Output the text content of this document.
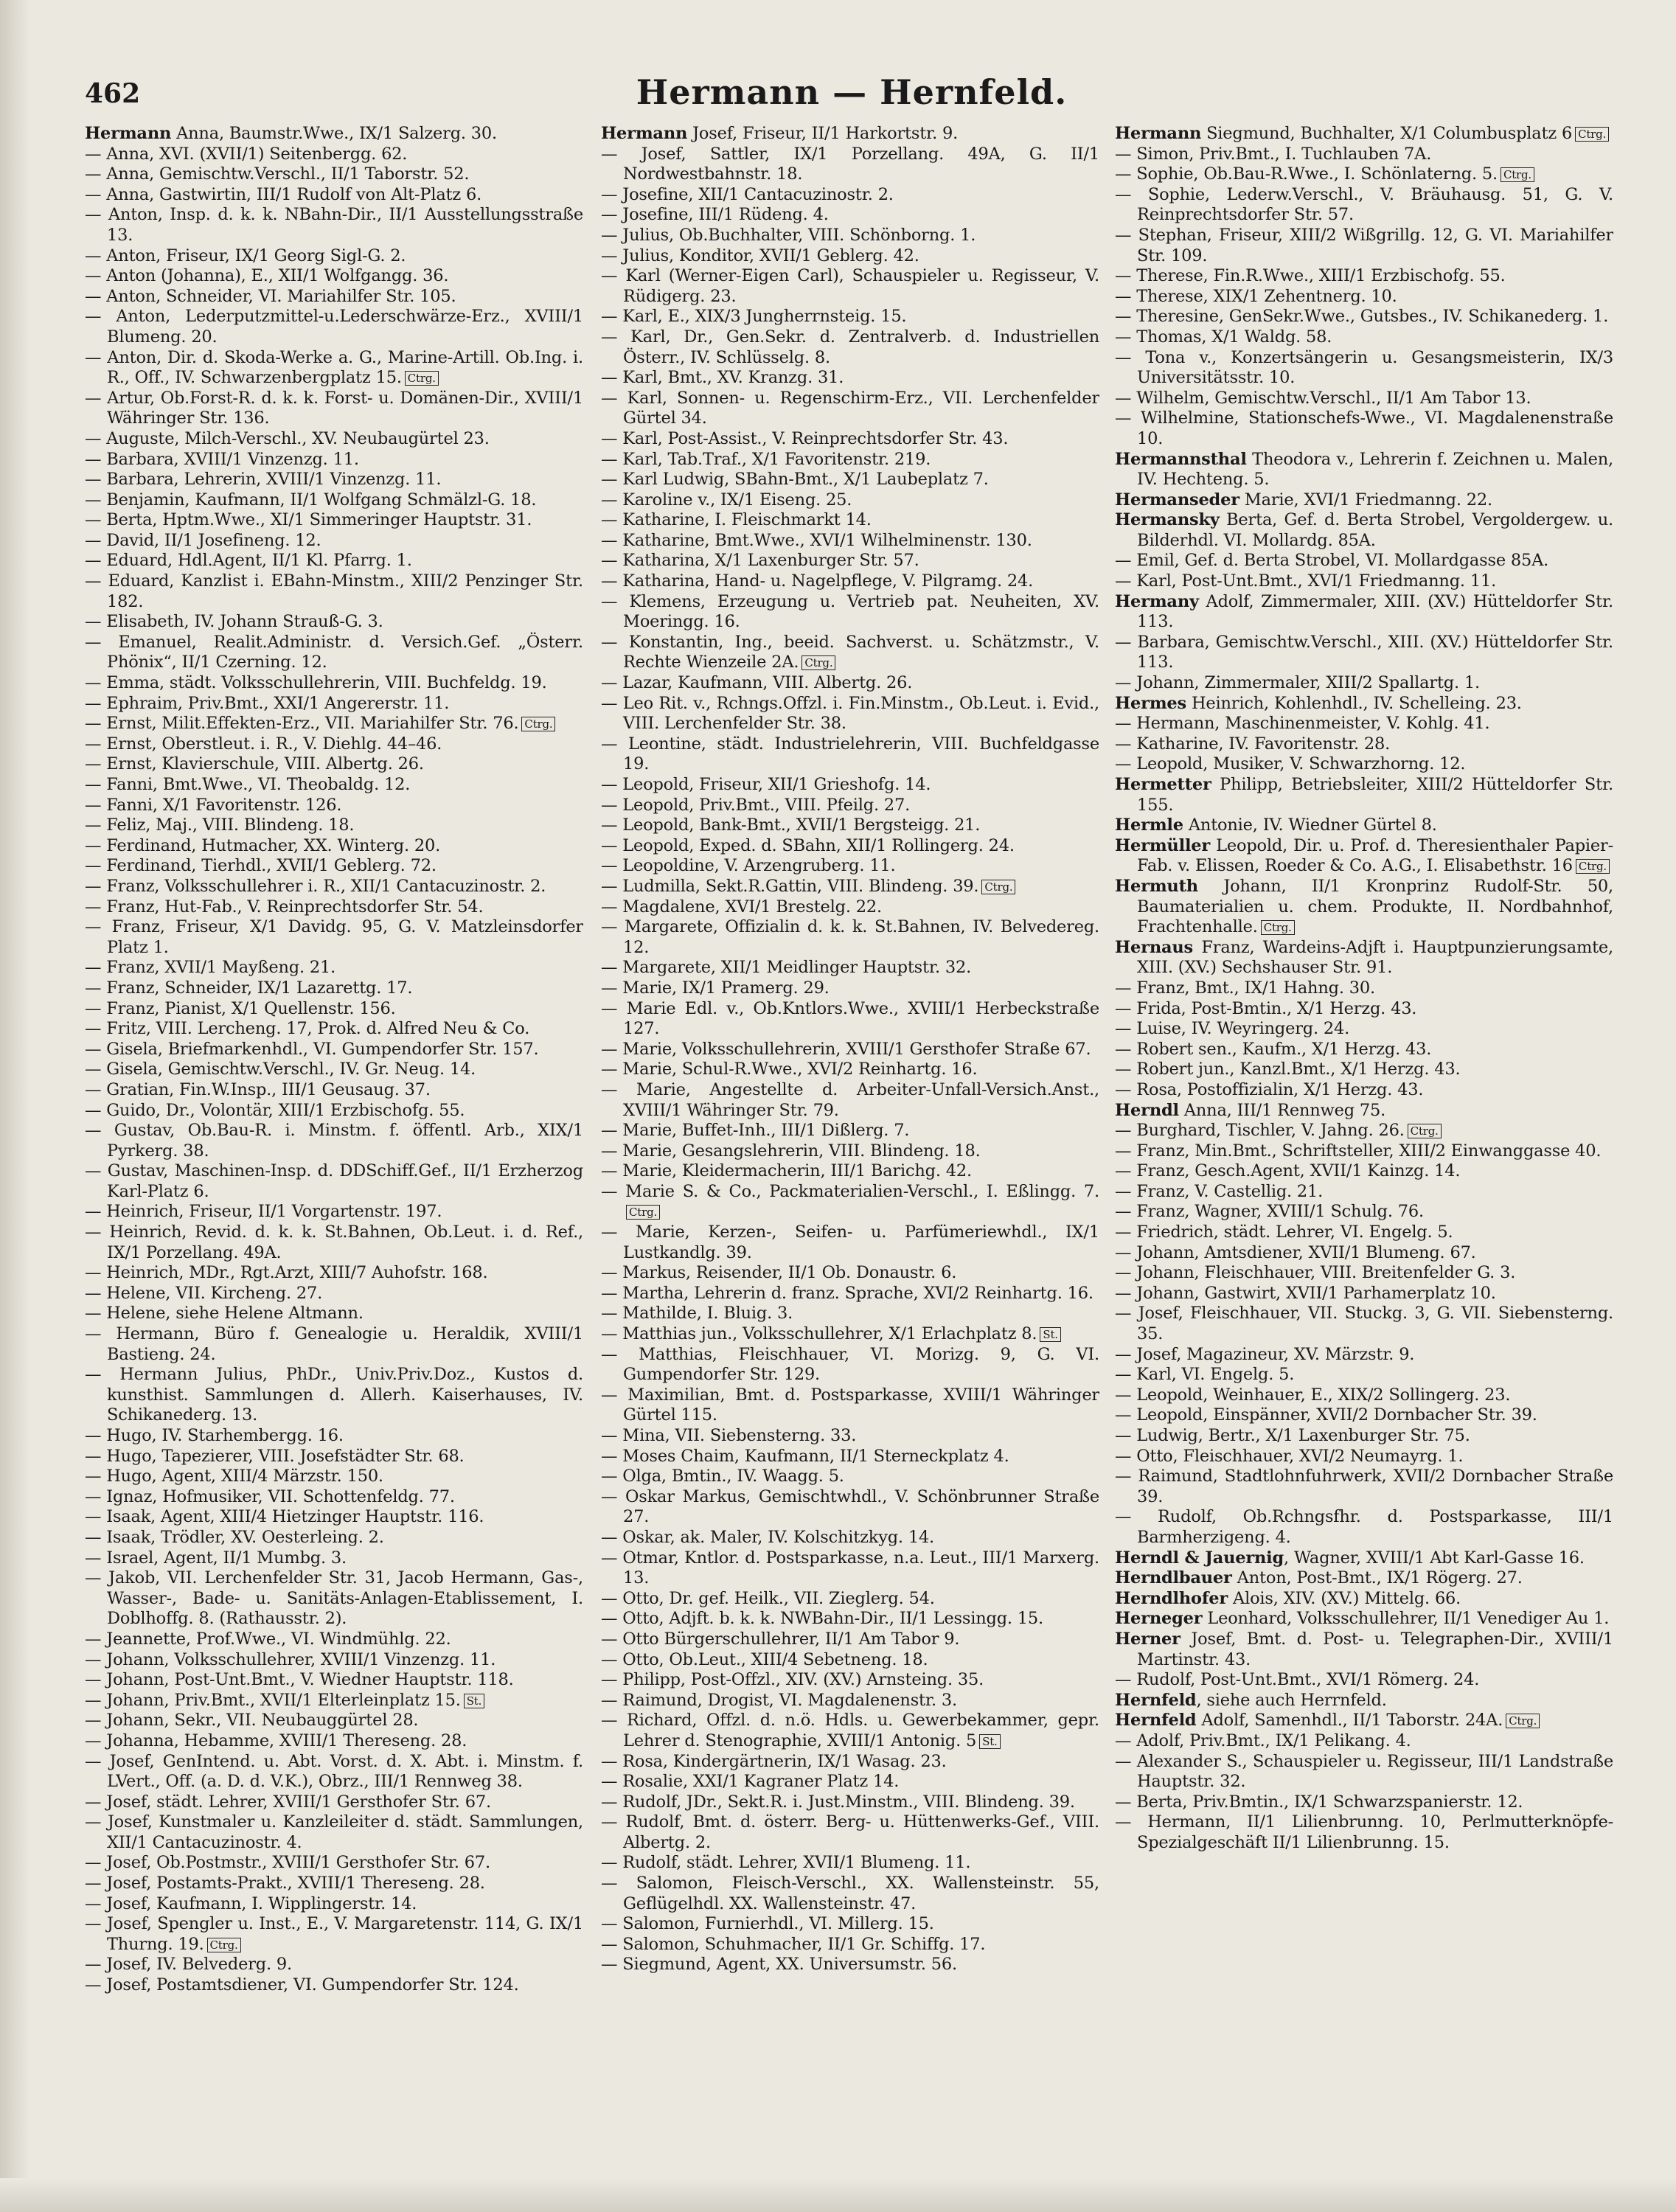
462	Hermann — Hernfeld.
Hermann Anna, Baumstr.Wwe., IX/1 Salzerg. 30.
— Anna, XVI. (XVII/1) Seitenbergg. 62.
— Anna, Gemischtw.Verschl., II/1 Taborstr. 52.
— Anna, Gastwirtin, III/1 Rudolf von Alt-Platz 6.
— Anton, Insp. d. k. k. NBahn-Dir., II/1 Ausstellungsstraße 13.
— Anton, Friseur, IX/1 Georg Sigl-G. 2.
— Anton (Johanna), E., XII/1 Wolfgangg. 36.
— Anton, Schneider, VI. Mariahilfer Str. 105.
— Anton, Lederputzmittel-u.Lederschwärze-Erz., XVIII/1 Blumeng. 20.
— Anton, Dir. d. Skoda-Werke a. G., Marine-Artill. Ob.Ing. i. R., Off., IV. Schwarzenbergplatz 15. Ctrg.
— Artur, Ob.Forst-R. d. k. k. Forst- u. Domänen-Dir., XVIII/1 Währinger Str. 136.
— Auguste, Milch-Verschl., XV. Neubaugürtel 23.
— Barbara, XVIII/1 Vinzenzg. 11.
— Barbara, Lehrerin, XVIII/1 Vinzenzg. 11.
— Benjamin, Kaufmann, II/1 Wolfgang Schmälzl-G. 18.
— Berta, Hptm.Wwe., XI/1 Simmeringer Hauptstr. 31.
— David, II/1 Josefineng. 12.
— Eduard, Hdl.Agent, II/1 Kl. Pfarrg. 1.
— Eduard, Kanzlist i. EBahn-Minstm., XIII/2 Penzinger Str. 182.
— Elisabeth, IV. Johann Strauß-G. 3.
— Emanuel, Realit.Administr. d. Versich.Gef. „Österr. Phönix“, II/1 Czerning. 12.
— Emma, städt. Volksschullehrerin, VIII. Buchfeldg. 19.
— Ephraim, Priv.Bmt., XXI/1 Angererstr. 11.
— Ernst, Milit.Effekten-Erz., VII. Mariahilfer Str. 76. Ctrg.
— Ernst, Oberstleut. i. R., V. Diehlg. 44–46.
— Ernst, Klavierschule, VIII. Albertg. 26.
— Fanni, Bmt.Wwe., VI. Theobaldg. 12.
— Fanni, X/1 Favoritenstr. 126.
— Feliz, Maj., VIII. Blindeng. 18.
— Ferdinand, Hutmacher, XX. Winterg. 20.
— Ferdinand, Tierhdl., XVII/1 Geblerg. 72.
— Franz, Volksschullehrer i. R., XII/1 Cantacuzinostr. 2.
— Franz, Hut-Fab., V. Reinprechtsdorfer Str. 54.
— Franz, Friseur, X/1 Davidg. 95, G. V. Matzleinsdorfer Platz 1.
— Franz, XVII/1 Mayßeng. 21.
— Franz, Schneider, IX/1 Lazarettg. 17.
— Franz, Pianist, X/1 Quellenstr. 156.
— Fritz, VIII. Lercheng. 17, Prok. d. Alfred Neu & Co.
— Gisela, Briefmarkenhdl., VI. Gumpendorfer Str. 157.
— Gisela, Gemischtw.Verschl., IV. Gr. Neug. 14.
— Gratian, Fin.W.Insp., III/1 Geusaug. 37.
— Guido, Dr., Volontär, XIII/1 Erzbischofg. 55.
— Gustav, Ob.Bau-R. i. Minstm. f. öffentl. Arb., XIX/1 Pyrkerg. 38.
— Gustav, Maschinen-Insp. d. DDSchiff.Gef., II/1 Erzherzog Karl-Platz 6.
— Heinrich, Friseur, II/1 Vorgartenstr. 197.
— Heinrich, Revid. d. k. k. St.Bahnen, Ob.Leut. i. d. Ref., IX/1 Porzellang. 49A.
— Heinrich, MDr., Rgt.Arzt, XIII/7 Auhofstr. 168.
— Helene, VII. Kircheng. 27.
— Helene, siehe Helene Altmann.
— Hermann, Büro f. Genealogie u. Heraldik, XVIII/1 Bastieng. 24.
— Hermann Julius, PhDr., Univ.Priv.Doz., Kustos d. kunsthist. Sammlungen d. Allerh. Kaiserhauses, IV. Schikanederg. 13.
— Hugo, IV. Starhembergg. 16.
— Hugo, Tapezierer, VIII. Josefstädter Str. 68.
— Hugo, Agent, XIII/4 Märzstr. 150.
— Ignaz, Hofmusiker, VII. Schottenfeldg. 77.
— Isaak, Agent, XIII/4 Hietzinger Hauptstr. 116.
— Isaak, Trödler, XV. Oesterleing. 2.
— Israel, Agent, II/1 Mumbg. 3.
— Jakob, VII. Lerchenfelder Str. 31, Jacob Hermann, Gas-, Wasser-, Bade- u. Sanitäts-Anlagen-Etablissement, I. Doblhoffg. 8. (Rathausstr. 2).
— Jeannette, Prof.Wwe., VI. Windmühlg. 22.
— Johann, Volksschullehrer, XVIII/1 Vinzenzg. 11.
— Johann, Post-Unt.Bmt., V. Wiedner Hauptstr. 118.
— Johann, Priv.Bmt., XVII/1 Elterleinplatz 15. St.
— Johann, Sekr., VII. Neubauggürtel 28.
— Johanna, Hebamme, XVIII/1 Thereseng. 28.
— Josef, GenIntend. u. Abt. Vorst. d. X. Abt. i. Minstm. f. LVert., Off. (a. D. d. V.K.), Obrz., III/1 Rennweg 38.
— Josef, städt. Lehrer, XVIII/1 Gersthofer Str. 67.
— Josef, Kunstmaler u. Kanzleileiter d. städt. Sammlungen, XII/1 Cantacuzinostr. 4.
— Josef, Ob.Postmstr., XVIII/1 Gersthofer Str. 67.
— Josef, Postamts-Prakt., XVIII/1 Thereseng. 28.
— Josef, Kaufmann, I. Wipplingerstr. 14.
— Josef, Spengler u. Inst., E., V. Margaretenstr. 114, G. IX/1 Thurng. 19. Ctrg.
— Josef, IV. Belvederg. 9.
— Josef, Postamtsdiener, VI. Gumpendorfer Str. 124.
Hermann Josef, Friseur, II/1 Harkortstr. 9.
— Josef, Sattler, IX/1 Porzellang. 49A, G. II/1 Nordwestbahnstr. 18.
— Josefine, XII/1 Cantacuzinostr. 2.
— Josefine, III/1 Rüdeng. 4.
— Julius, Ob.Buchhalter, VIII. Schönborng. 1.
— Julius, Konditor, XVII/1 Geblerg. 42.
— Karl (Werner-Eigen Carl), Schauspieler u. Regisseur, V. Rüdigerg. 23.
— Karl, E., XIX/3 Jungherrnsteig. 15.
— Karl, Dr., Gen.Sekr. d. Zentralverb. d. Industriellen Österr., IV. Schlüsselg. 8.
— Karl, Bmt., XV. Kranzg. 31.
— Karl, Sonnen- u. Regenschirm-Erz., VII. Lerchenfelder Gürtel 34.
— Karl, Post-Assist., V. Reinprechtsdorfer Str. 43.
— Karl, Tab.Traf., X/1 Favoritenstr. 219.
— Karl Ludwig, SBahn-Bmt., X/1 Laubeplatz 7.
— Karoline v., IX/1 Eiseng. 25.
— Katharine, I. Fleischmarkt 14.
— Katharine, Bmt.Wwe., XVI/1 Wilhelminenstr. 130.
— Katharina, X/1 Laxenburger Str. 57.
— Katharina, Hand- u. Nagelpflege, V. Pilgramg. 24.
— Klemens, Erzeugung u. Vertrieb pat. Neuheiten, XV. Moeringg. 16.
— Konstantin, Ing., beeid. Sachverst. u. Schätzmstr., V. Rechte Wienzeile 2A. Ctrg.
— Lazar, Kaufmann, VIII. Albertg. 26.
— Leo Rit. v., Rchngs.Offzl. i. Fin.Minstm., Ob.Leut. i. Evid., VIII. Lerchenfelder Str. 38.
— Leontine, städt. Industrielehrerin, VIII. Buchfeldgasse 19.
— Leopold, Friseur, XII/1 Grieshofg. 14.
— Leopold, Priv.Bmt., VIII. Pfeilg. 27.
— Leopold, Bank-Bmt., XVII/1 Bergsteigg. 21.
— Leopold, Exped. d. SBahn, XII/1 Rollingerg. 24.
— Leopoldine, V. Arzengruberg. 11.
— Ludmilla, Sekt.R.Gattin, VIII. Blindeng. 39. Ctrg.
— Magdalene, XVI/1 Brestelg. 22.
— Margarete, Offizialin d. k. k. St.Bahnen, IV. Belvedereg. 12.
— Margarete, XII/1 Meidlinger Hauptstr. 32.
— Marie, IX/1 Pramerg. 29.
— Marie Edl. v., Ob.Kntlors.Wwe., XVIII/1 Herbeckstraße 127.
— Marie, Volksschullehrerin, XVIII/1 Gersthofer Straße 67.
— Marie, Schul-R.Wwe., XVI/2 Reinhartg. 16.
— Marie, Angestellte d. Arbeiter-Unfall-Versich.Anst., XVIII/1 Währinger Str. 79.
— Marie, Buffet-Inh., III/1 Dißlerg. 7.
— Marie, Gesangslehrerin, VIII. Blindeng. 18.
— Marie, Kleidermacherin, III/1 Barichg. 42.
— Marie S. & Co., Packmaterialien-Verschl., I. Eßlingg. 7.Ctrg.
— Marie, Kerzen-, Seifen- u. Parfümeriewhdl., IX/1 Lustkandlg. 39.
— Markus, Reisender, II/1 Ob. Donaustr. 6.
— Martha, Lehrerin d. franz. Sprache, XVI/2 Reinhartg. 16.
— Mathilde, I. Bluig. 3.
— Matthias jun., Volksschullehrer, X/1 Erlachplatz 8. St.
— Matthias, Fleischhauer, VI. Morizg. 9, G. VI. Gumpendorfer Str. 129.
— Maximilian, Bmt. d. Postsparkasse, XVIII/1 Währinger Gürtel 115.
— Mina, VII. Siebensterng. 33.
— Moses Chaim, Kaufmann, II/1 Sterneckplatz 4.
— Olga, Bmtin., IV. Waagg. 5.
— Oskar Markus, Gemischtwhdl., V. Schönbrunner Straße 27.
— Oskar, ak. Maler, IV. Kolschitzkyg. 14.
— Otmar, Kntlor. d. Postsparkasse, n.a. Leut., III/1 Marxerg. 13.
— Otto, Dr. gef. Heilk., VII. Zieglerg. 54.
— Otto, Adjft. b. k. k. NWBahn-Dir., II/1 Lessingg. 15.
— Otto Bürgerschullehrer, II/1 Am Tabor 9.
— Otto, Ob.Leut., XIII/4 Sebetneng. 18.
— Philipp, Post-Offzl., XIV. (XV.) Arnsteing. 35.
— Raimund, Drogist, VI. Magdalenenstr. 3.
— Richard, Offzl. d. n.ö. Hdls. u. Gewerbekammer, gepr. Lehrer d. Stenographie, XVIII/1 Antonig. 5 St.
— Rosa, Kindergärtnerin, IX/1 Wasag. 23.
— Rosalie, XXI/1 Kagraner Platz 14.
— Rudolf, JDr., Sekt.R. i. Just.Minstm., VIII. Blindeng. 39.
— Rudolf, Bmt. d. österr. Berg- u. Hüttenwerks-Gef., VIII. Albertg. 2.
— Rudolf, städt. Lehrer, XVII/1 Blumeng. 11.
— Salomon, Fleisch-Verschl., XX. Wallensteinstr. 55, Geflügelhdl. XX. Wallensteinstr. 47.
— Salomon, Furnierhdl., VI. Millerg. 15.
— Salomon, Schuhmacher, II/1 Gr. Schiffg. 17.
— Siegmund, Agent, XX. Universumstr. 56.
Hermann Siegmund, Buchhalter, X/1 Columbusplatz 6 Ctrg.
— Simon, Priv.Bmt., I. Tuchlauben 7A.
— Sophie, Ob.Bau-R.Wwe., I. Schönlaterng. 5. Ctrg.
— Sophie, Lederw.Verschl., V. Bräuhausg. 51, G. V. Reinprechtsdorfer Str. 57.
— Stephan, Friseur, XIII/2 Wißgrillg. 12, G. VI. Mariahilfer Str. 109.
— Therese, Fin.R.Wwe., XIII/1 Erzbischofg. 55.
— Therese, XIX/1 Zehentnerg. 10.
— Theresine, GenSekr.Wwe., Gutsbes., IV. Schikanederg. 1.
— Thomas, X/1 Waldg. 58.
— Tona v., Konzertsängerin u. Gesangsmeisterin, IX/3 Universitätsstr. 10.
— Wilhelm, Gemischtw.Verschl., II/1 Am Tabor 13.
— Wilhelmine, Stationschefs-Wwe., VI. Magdalenenstraße 10.
Hermannsthal Theodora v., Lehrerin f. Zeichnen u. Malen, IV. Hechteng. 5.
Hermanseder Marie, XVI/1 Friedmanng. 22.
Hermansky Berta, Gef. d. Berta Strobel, Vergoldergew. u. Bilderhdl. VI. Mollardg. 85A.
— Emil, Gef. d. Berta Strobel, VI. Mollardgasse 85A.
— Karl, Post-Unt.Bmt., XVI/1 Friedmanng. 11.
Hermany Adolf, Zimmermaler, XIII. (XV.) Hütteldorfer Str. 113.
— Barbara, Gemischtw.Verschl., XIII. (XV.) Hütteldorfer Str. 113.
— Johann, Zimmermaler, XIII/2 Spallartg. 1.
Hermes Heinrich, Kohlenhdl., IV. Schelleing. 23.
— Hermann, Maschinenmeister, V. Kohlg. 41.
— Katharine, IV. Favoritenstr. 28.
— Leopold, Musiker, V. Schwarzhorng. 12.
Hermetter Philipp, Betriebsleiter, XIII/2 Hütteldorfer Str. 155.
Hermle Antonie, IV. Wiedner Gürtel 8.
Hermüller Leopold, Dir. u. Prof. d. Theresienthaler Papier-Fab. v. Elissen, Roeder & Co. A.G., I. Elisabethstr. 16 Ctrg.
Hermuth Johann, II/1 Kronprinz Rudolf-Str. 50, Baumaterialien u. chem. Produkte, II. Nordbahnhof, Frachtenhalle. Ctrg.
Hernaus Franz, Wardeins-Adjft i. Hauptpunzierungsamte, XIII. (XV.) Sechshauser Str. 91.
— Franz, Bmt., IX/1 Hahng. 30.
— Frida, Post-Bmtin., X/1 Herzg. 43.
— Luise, IV. Weyringerg. 24.
— Robert sen., Kaufm., X/1 Herzg. 43.
— Robert jun., Kanzl.Bmt., X/1 Herzg. 43.
— Rosa, Postoffizialin, X/1 Herzg. 43.
Herndl Anna, III/1 Rennweg 75.
— Burghard, Tischler, V. Jahng. 26. Ctrg.
— Franz, Min.Bmt., Schriftsteller, XIII/2 Einwanggasse 40.
— Franz, Gesch.Agent, XVII/1 Kainzg. 14.
— Franz, V. Castellig. 21.
— Franz, Wagner, XVIII/1 Schulg. 76.
— Friedrich, städt. Lehrer, VI. Engelg. 5.
— Johann, Amtsdiener, XVII/1 Blumeng. 67.
— Johann, Fleischhauer, VIII. Breitenfelder G. 3.
— Johann, Gastwirt, XVII/1 Parhamerplatz 10.
— Josef, Fleischhauer, VII. Stuckg. 3, G. VII. Siebensterng. 35.
— Josef, Magazineur, XV. Märzstr. 9.
— Karl, VI. Engelg. 5.
— Leopold, Weinhauer, E., XIX/2 Sollingerg. 23.
— Leopold, Einspänner, XVII/2 Dornbacher Str. 39.
— Ludwig, Bertr., X/1 Laxenburger Str. 75.
— Otto, Fleischhauer, XVI/2 Neumayrg. 1.
— Raimund, Stadtlohnfuhrwerk, XVII/2 Dornbacher Straße 39.
— Rudolf, Ob.Rchngsfhr. d. Postsparkasse, III/1 Barmherzigeng. 4.
Herndl & Jauernig, Wagner, XVIII/1 Abt Karl-Gasse 16.
Herndlbauer Anton, Post-Bmt., IX/1 Rögerg. 27.
Herndlhofer Alois, XIV. (XV.) Mittelg. 66.
Herneger Leonhard, Volksschullehrer, II/1 Venediger Au 1.
Herner Josef, Bmt. d. Post- u. Telegraphen-Dir., XVIII/1 Martinstr. 43.
— Rudolf, Post-Unt.Bmt., XVI/1 Römerg. 24.
Hernfeld, siehe auch Herrnfeld.
Hernfeld Adolf, Samenhdl., II/1 Taborstr. 24A. Ctrg.
— Adolf, Priv.Bmt., IX/1 Pelikang. 4.
— Alexander S., Schauspieler u. Regisseur, III/1 Landstraße Hauptstr. 32.
— Berta, Priv.Bmtin., IX/1 Schwarzspanierstr. 12.
— Hermann, II/1 Lilienbrunng. 10, Perlmutterknöpfe-Spezialgeschäft II/1 Lilienbrunng. 15.
